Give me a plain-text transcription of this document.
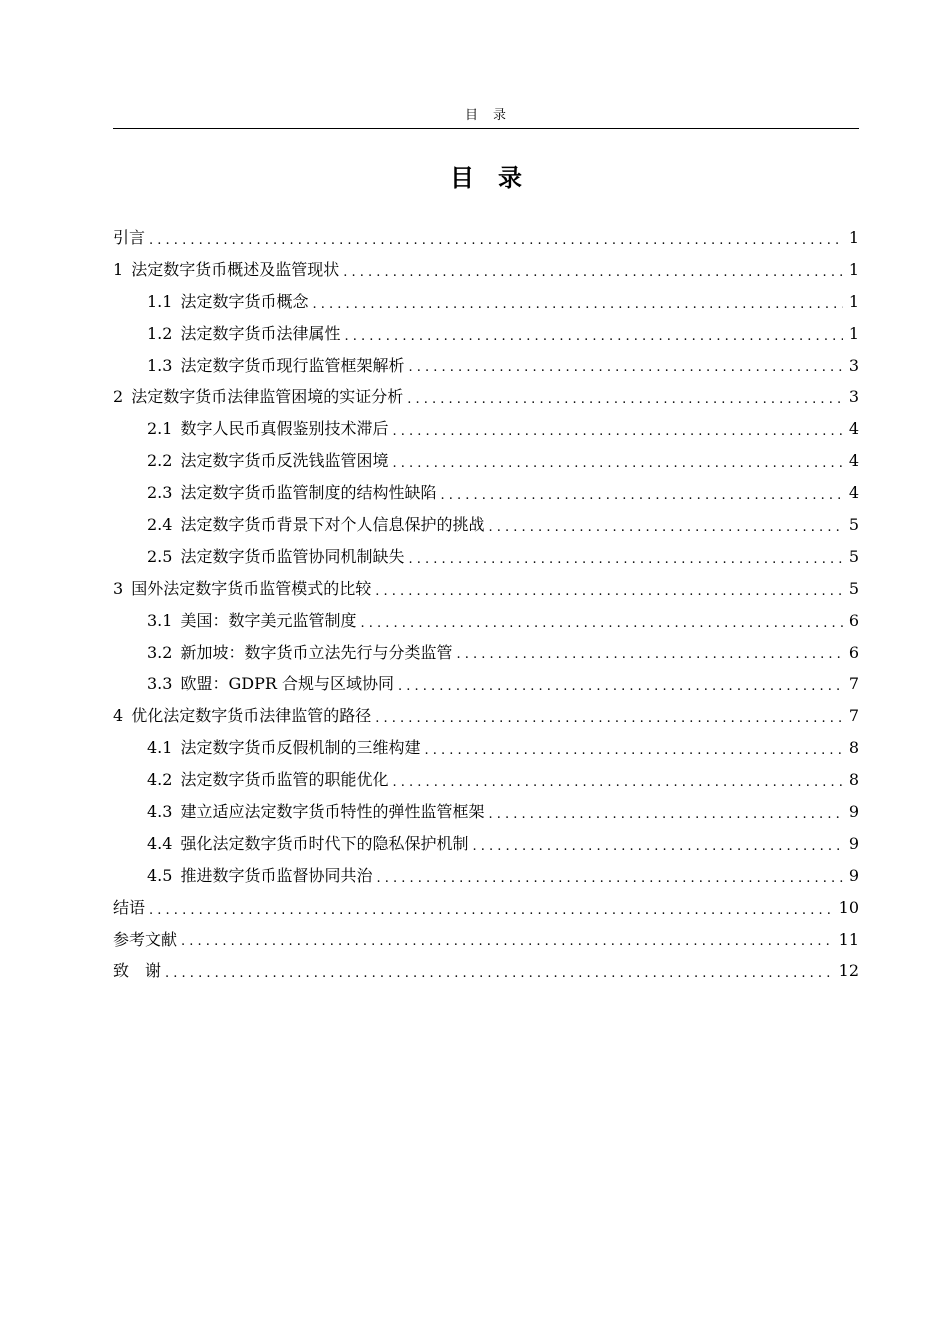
目　录
目　录
引言 . . .	1
1 法定数字货币概述及监管现状 . . .	1
1.1 法定数字货币概念 . . .	1
1.2 法定数字货币法律属性 . . .	1
1.3 法定数字货币现行监管框架解析 . . .	3
2 法定数字货币法律监管困境的实证分析 . . .	3
2.1 数字人民币真假鉴别技术滞后 . . .	4
2.2 法定数字货币反洗钱监管困境 . . .	4
2.3 法定数字货币监管制度的结构性缺陷 . . .	4
2.4 法定数字货币背景下对个人信息保护的挑战 . . .	5
2.5 法定数字货币监管协同机制缺失 . . .	5
3 国外法定数字货币监管模式的比较 . . .	5
3.1 美国：数字美元监管制度 . . .	6
3.2 新加坡：数字货币立法先行与分类监管 . . .	6
3.3 欧盟：GDPR 合规与区域协同 . . .	7
4 优化法定数字货币法律监管的路径 . . .	7
4.1 法定数字货币反假机制的三维构建 . . .	8
4.2 法定数字货币监管的职能优化 . . .	8
4.3 建立适应法定数字货币特性的弹性监管框架 . . .	9
4.4 强化法定数字货币时代下的隐私保护机制 . . .	9
4.5 推进数字货币监督协同共治 . . .	9
结语 . . .	10
参考文献 . . .	11
致　谢 . . .	12
